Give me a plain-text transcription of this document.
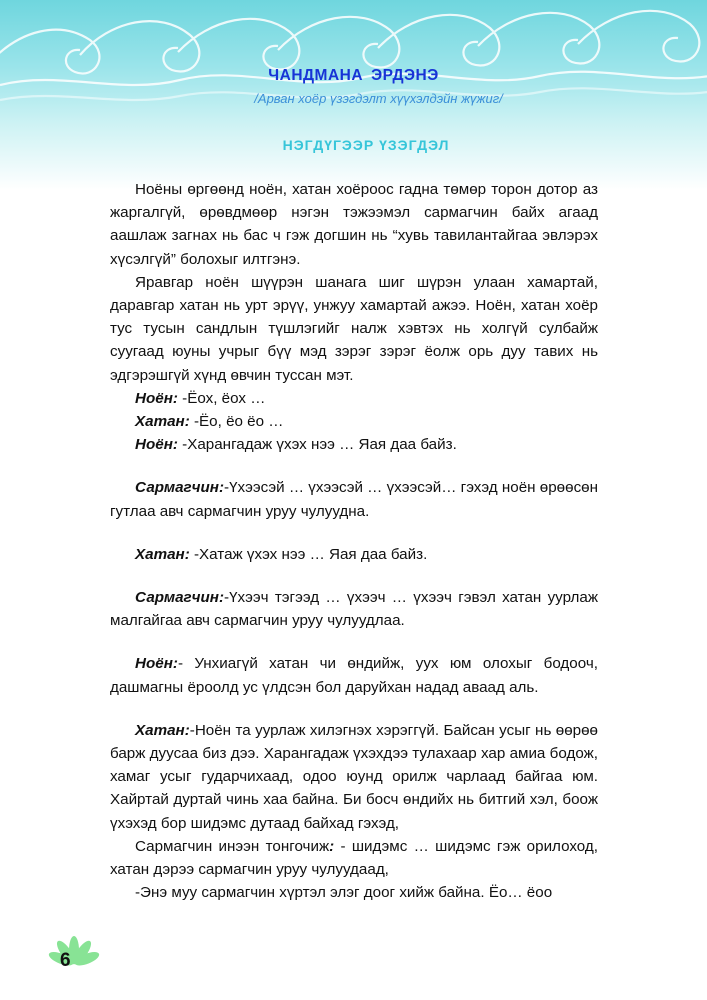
ЧАНДМАНА ЭРДЭНЭ
/Арван хоёр үзэгдэлт хүүхэлдэйн жүжиг/
НЭГДҮГЭЭР ҮЗЭГДЭЛ

Ноёны өргөөнд ноён, хатан хоёроос гадна төмөр торон дотор аз жаргалгүй, өрөвдмөөр нэгэн тэжээмэл сармагчин байх агаад аашлаж загнах нь бас ч гэж догшин нь “хувь тавилантайгаа эвлэрэх хүсэлгүй” болохыг илтгэнэ.

Яравгар ноён шүүрэн шанага шиг шүрэн улаан хамартай, даравгар хатан нь урт эрүү, унжуу хамартай ажээ. Ноён, хатан хоёр тус тусын сандлын түшлэгийг налж хэвтэх нь холгүй сулбайж суугаад юуны учрыг бүү мэд зэрэг зэрэг ёолж орь дуу тавих нь эдгэрэшгүй хүнд өвчин туссан мэт.

Ноён: -Ёох, ёох …

Хатан: -Ёо, ёо ёо …

Ноён: -Харангадаж үхэх нээ … Яая даа байз.

Сармагчин:-Үхээсэй … үхээсэй … үхээсэй… гэхэд ноён өрөөсөн гутлаа авч сармагчин уруу чулуудна.

Хатан: -Хатаж үхэх нээ … Яая даа байз.

Сармагчин:-Үхээч тэгээд … үхээч … үхээч гэвэл хатан уурлаж малгайгаа авч сармагчин уруу чулуудлаа.

Ноён:- Унхиагүй хатан чи өндийж, уух юм олохыг бодооч, дашмагны ёроолд ус үлдсэн бол даруйхан надад аваад аль.

Хатан:-Ноён та уурлаж хилэгнэх хэрэггүй. Байсан усыг нь өөрөө барж дуусаа биз дээ. Харангадаж үхэхдээ тулахаар хар амиа бодож, хамаг усыг гударчихаад, одоо юунд орилж чарлаад байгаа юм. Хайртай дуртай чинь хаа байна. Би босч өндийх нь битгий хэл, боож үхэхэд бор шидэмс дутаад байхад гэхэд,

Сармагчин инээн тонгочиж: - шидэмс … шидэмс гэж орилоход, хатан дэрээ сармагчин уруу чулуудаад,

-Энэ муу сармагчин хүртэл элэг доог хийж байна. Ёо… ёоо

6
